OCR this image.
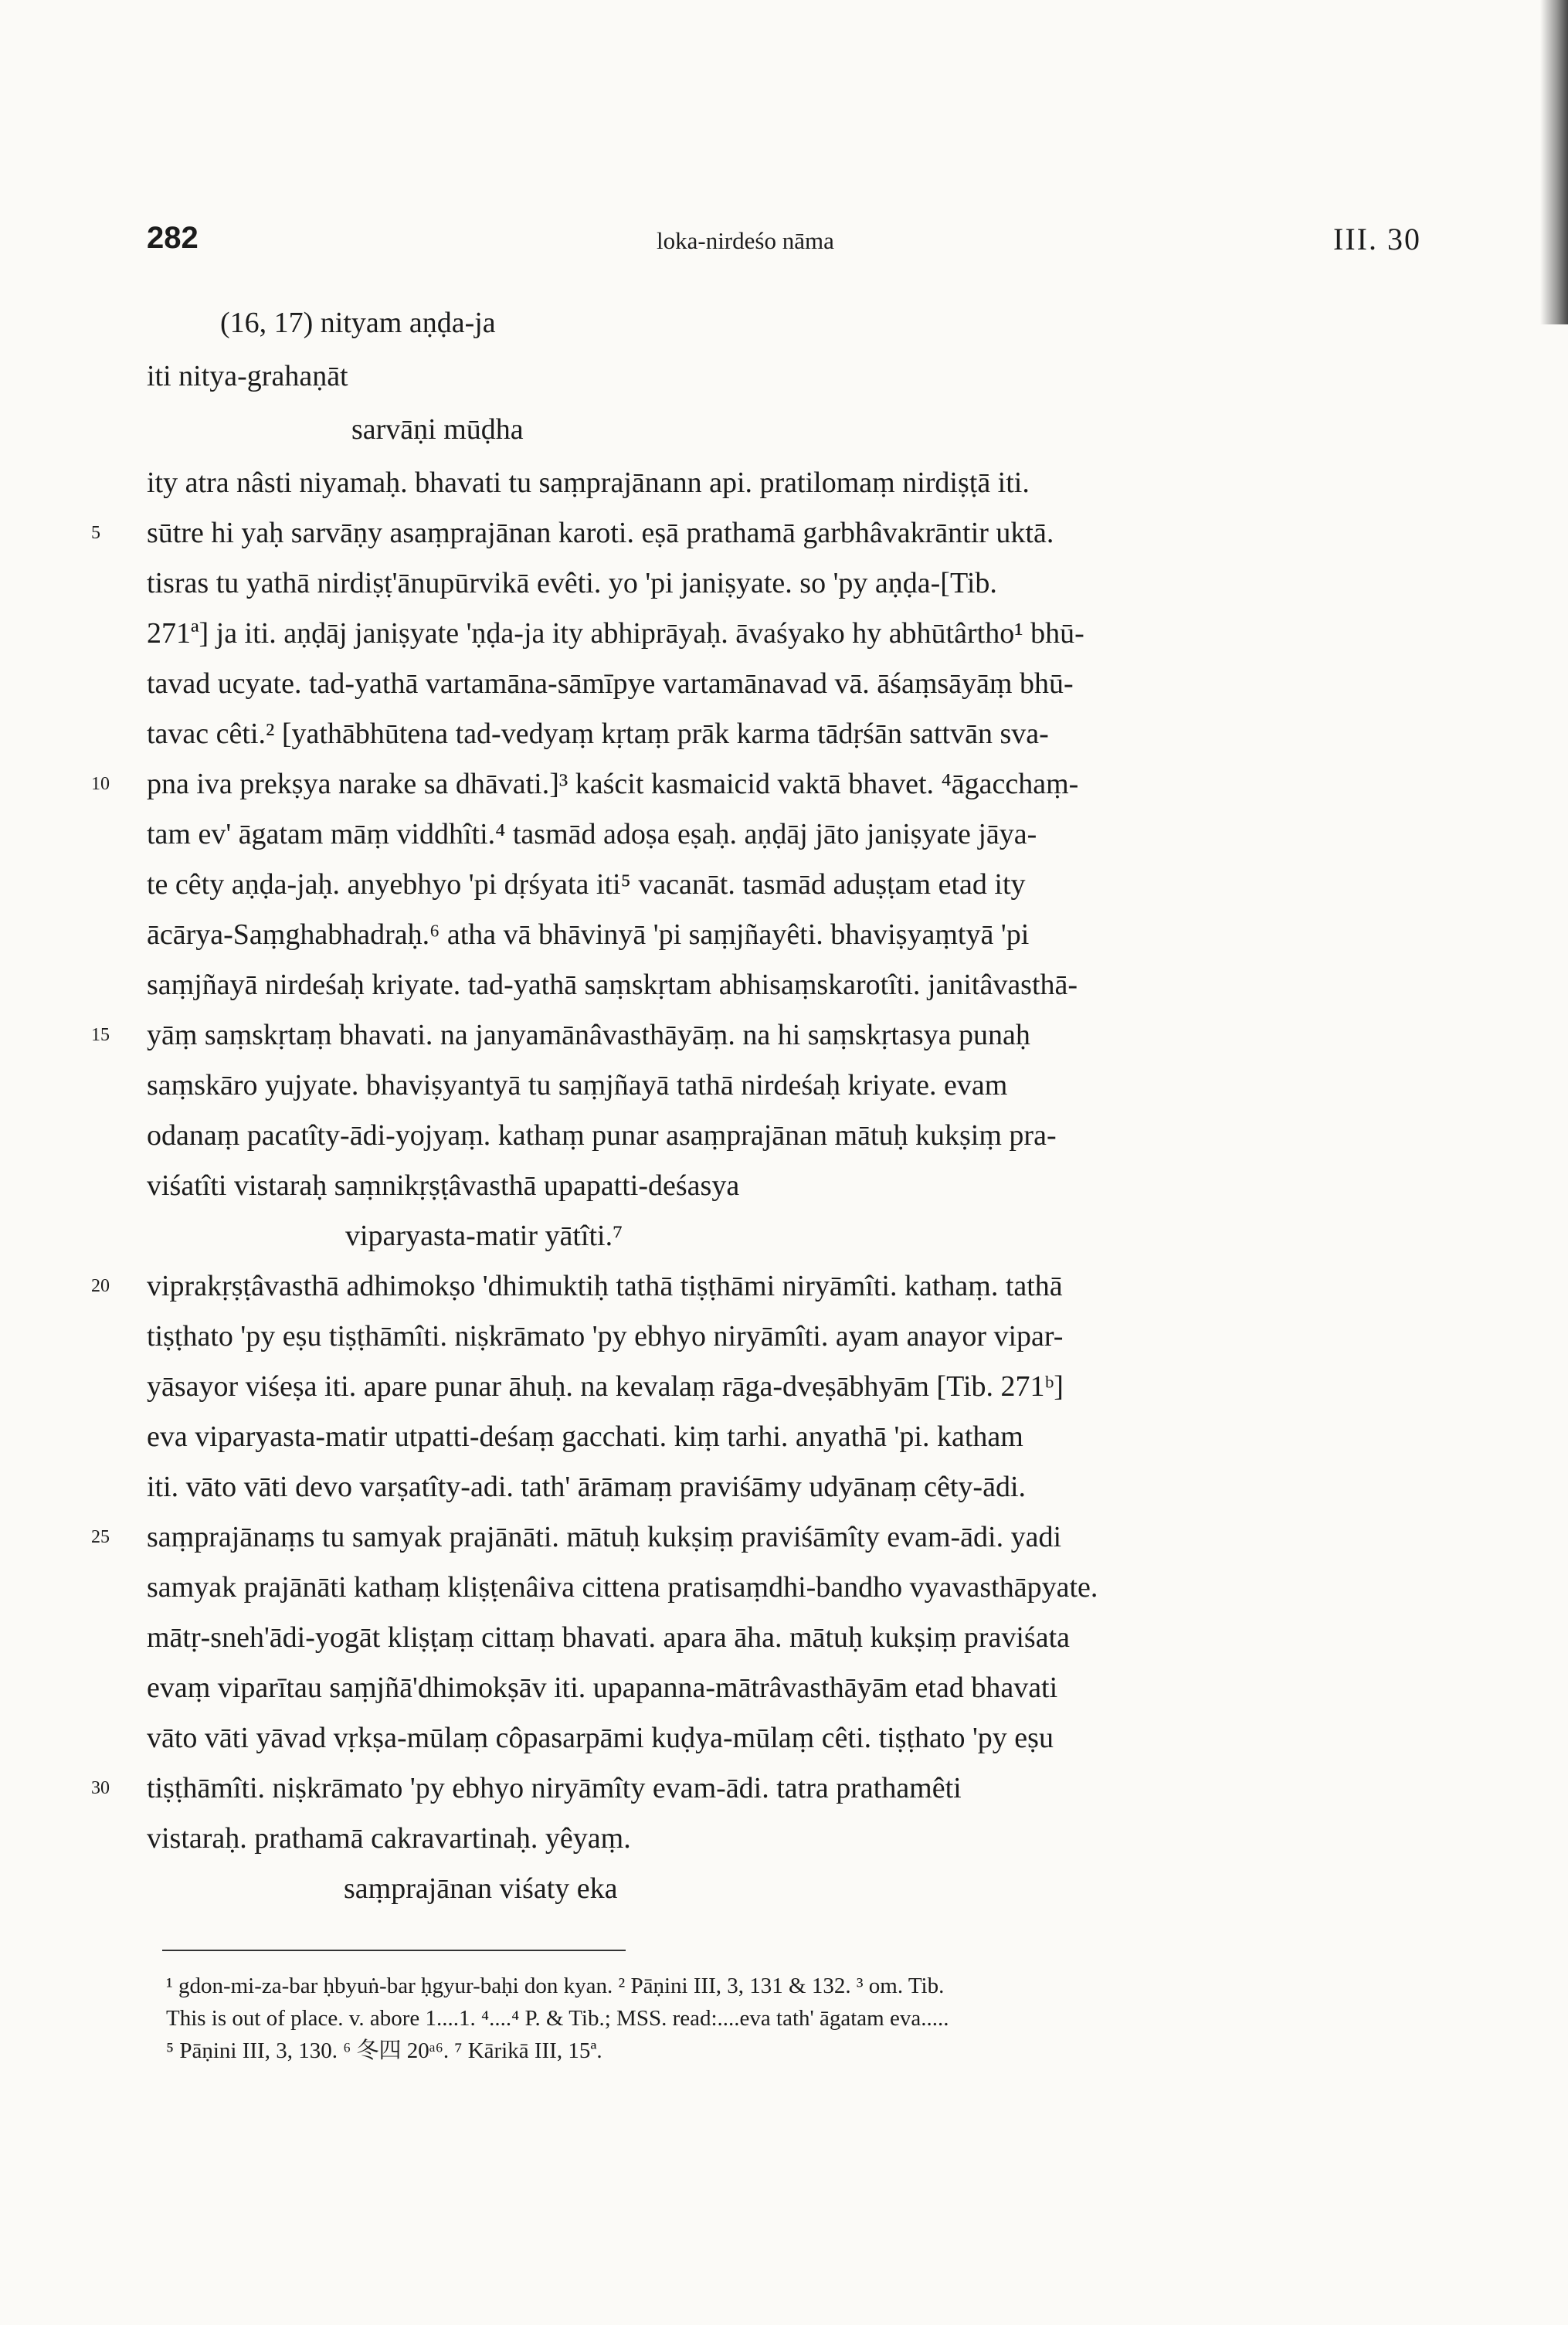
282	loka-nirdeśo nāma	III. 30
(16, 17) nityam aṇḍa-ja
iti nitya-grahaṇāt
sarvāṇi mūḍha
ity atra nâsti niyamaḥ. bhavati tu saṃprajānann api. pratilomaṃ nirdiṣṭā iti.
sūtre hi yaḥ sarvāṇy asaṃprajānan karoti. eṣā prathamā garbhâvakrāntir uktā.
tisras tu yathā nirdiṣṭ'ānupūrvikā evêti. yo 'pi janiṣyate. so 'py aṇḍa-[Tib.
271ª] ja iti. aṇḍāj janiṣyate 'ṇḍa-ja ity abhiprāyaḥ. āvaśyako hy abhūtârtho¹ bhū-
tavad ucyate. tad-yathā vartamāna-sāmīpye vartamānavad vā. āśaṃsāyāṃ bhū-
tavac cêti.² [yathābhūtena tad-vedyaṃ kṛtaṃ prāk karma tādṛśān sattvān sva-
pna iva prekṣya narake sa dhāvati.]³ kaścit kasmaicid vaktā bhavet. ⁴āgacchaṃ-
tam ev' āgatam māṃ viddhîti.⁴ tasmād adoṣa eṣaḥ. aṇḍāj jāto janiṣyate jāya-
te cêty aṇḍa-jaḥ. anyebhyo 'pi dṛśyata iti⁵ vacanāt. tasmād aduṣṭam etad ity
ācārya-Saṃghabhadraḥ.⁶ atha vā bhāvinyā 'pi saṃjñayêti. bhaviṣyaṃtyā 'pi
saṃjñayā nirdeśaḥ kriyate. tad-yathā saṃskṛtam abhisaṃskarotîti. janitâvasthā-
yāṃ saṃskṛtaṃ bhavati. na janyamānâvasthāyāṃ. na hi saṃskṛtasya punaḥ
saṃskāro yujyate. bhaviṣyantyā tu saṃjñayā tathā nirdeśaḥ kriyate. evam
odanaṃ pacatîty-ādi-yojyaṃ. kathaṃ punar asaṃprajānan mātuḥ kukṣiṃ pra-
viśatîti vistaraḥ saṃnikṛṣṭâvasthā upapatti-deśasya
viparyasta-matir yātîti.⁷
viprakṛṣṭâvasthā adhimokṣo 'dhimuktiḥ tathā tiṣṭhāmi niryāmîti. kathaṃ. tathā
tiṣṭhato 'py eṣu tiṣṭhāmîti. niṣkrāmato 'py ebhyo niryāmîti. ayam anayor vipar-
yāsayor viśeṣa iti. apare punar āhuḥ. na kevalaṃ rāga-dveṣābhyām [Tib. 271ᵇ]
eva viparyasta-matir utpatti-deśaṃ gacchati. kiṃ tarhi. anyathā 'pi. katham
iti. vāto vāti devo varṣatîty-adi. tath' ārāmaṃ praviśāmy udyānaṃ cêty-ādi.
saṃprajānaṃs tu samyak prajānāti. mātuḥ kukṣiṃ praviśāmîty evam-ādi. yadi
samyak prajānāti kathaṃ kliṣṭenâiva cittena pratisaṃdhi-bandho vyavasthāpyate.
mātṛ-sneh'ādi-yogāt kliṣṭaṃ cittaṃ bhavati. apara āha. mātuḥ kukṣiṃ praviśata
evaṃ viparītau saṃjñā'dhimokṣāv iti. upapanna-mātrâvasthāyām etad bhavati
vāto vāti yāvad vṛkṣa-mūlaṃ côpasarpāmi kuḍya-mūlaṃ cêti. tiṣṭhato 'py eṣu
tiṣṭhāmîti. niṣkrāmato 'py ebhyo niryāmîty evam-ādi. tatra prathamêti
vistaraḥ. prathamā cakravartinaḥ. yêyaṃ.
saṃprajānan viśaty eka
5
10
15
20
25
30
¹ gdon-mi-za-bar ḥbyuṅ-bar ḥgyur-baḥi don kyan. ² Pāṇini III, 3, 131 & 132. ³ om. Tib.
This is out of place. v. abore 1....1. ⁴....⁴ P. & Tib.; MSS. read:....eva tath' āgatam eva.....
⁵ Pāṇini III, 3, 130. ⁶ 冬四 20ᵃ⁶. ⁷ Kārikā III, 15ª.
